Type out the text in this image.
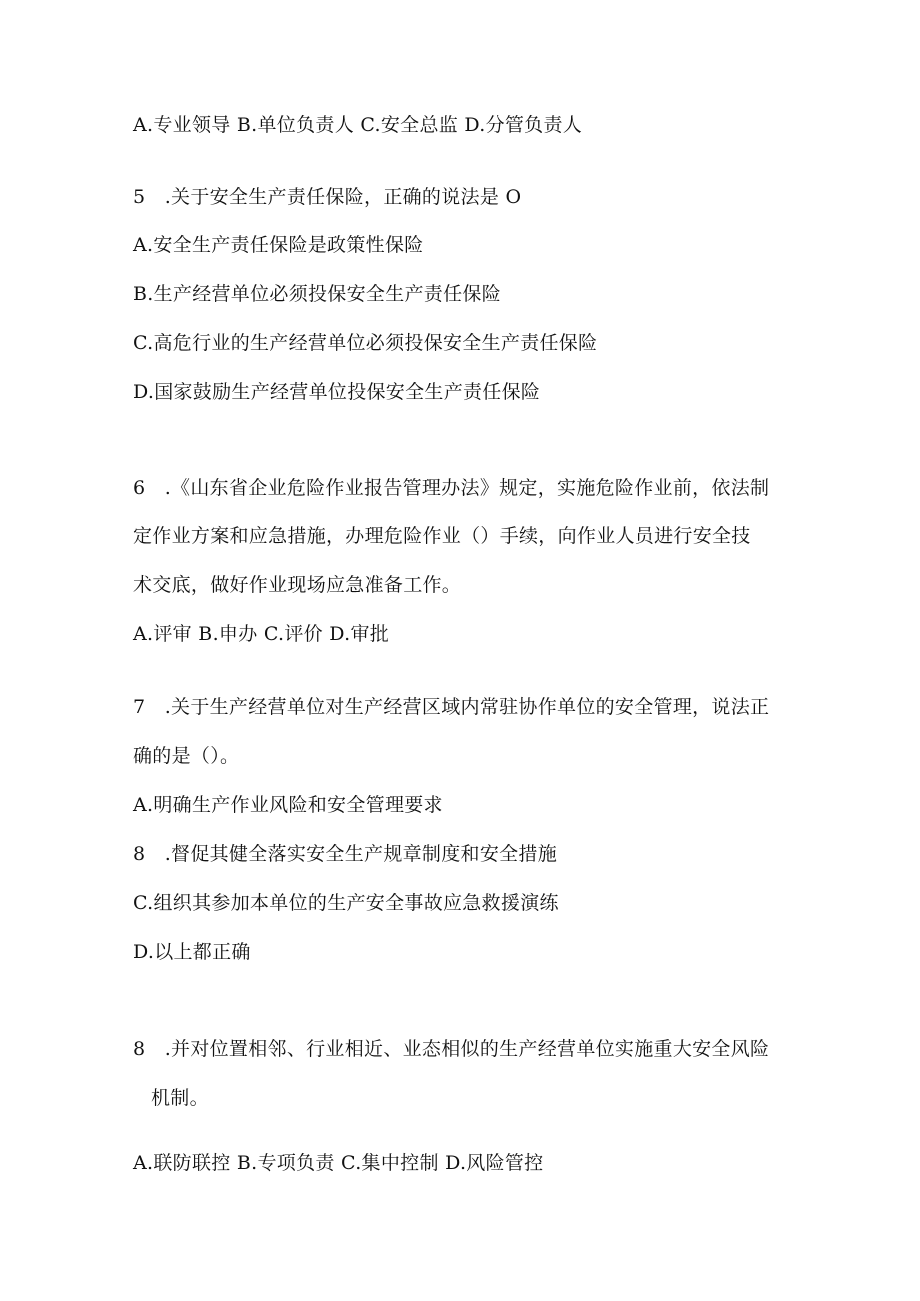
A.专业领导 B.单位负责人 C.安全总监 D.分管负责人
5　.关于安全生产责任保险，正确的说法是 O
A.安全生产责任保险是政策性保险
B.生产经营单位必须投保安全生产责任保险
C.高危行业的生产经营单位必须投保安全生产责任保险
D.国家鼓励生产经营单位投保安全生产责任保险
6　.《山东省企业危险作业报告管理办法》规定，实施危险作业前，依法制
定作业方案和应急措施，办理危险作业（）手续，向作业人员进行安全技
术交底，做好作业现场应急准备工作。
A.评审 B.申办 C.评价 D.审批
7　.关于生产经营单位对生产经营区域内常驻协作单位的安全管理，说法正
确的是（）。
A.明确生产作业风险和安全管理要求
8　.督促其健全落实安全生产规章制度和安全措施
C.组织其参加本单位的生产安全事故应急救援演练
D.以上都正确
8　.并对位置相邻、行业相近、业态相似的生产经营单位实施重大安全风险
机制。
A.联防联控 B.专项负责 C.集中控制 D.风险管控
